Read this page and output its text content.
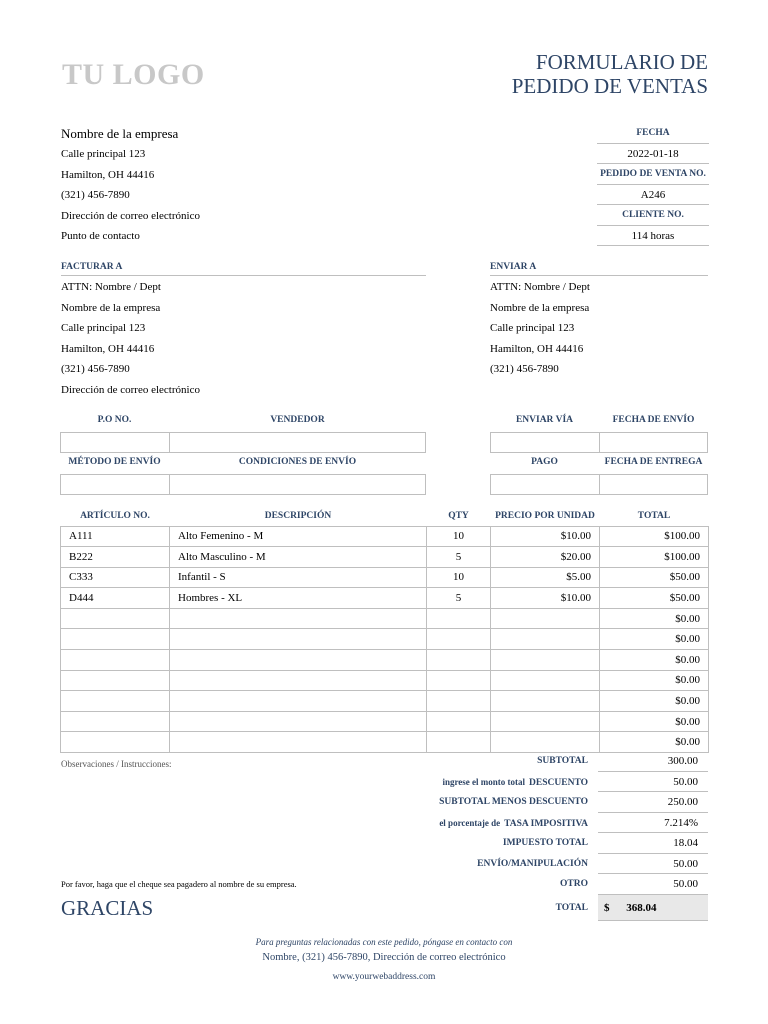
TU LOGO	FORMULARIO DE
PEDIDO DE VENTAS
Nombre de la empresa
Calle principal 123
Hamilton, OH 44416
(321) 456-7890
Dirección de correo electrónico
Punto de contacto
FECHA
2022-01-18
PEDIDO DE VENTA NO.
A246
CLIENTE NO.
114 horas
FACTURAR A
ATTN: Nombre / Dept
Nombre de la empresa
Calle principal 123
Hamilton, OH 44416
(321) 456-7890
Dirección de correo electrónico
ENVIAR A
ATTN: Nombre / Dept
Nombre de la empresa
Calle principal 123
Hamilton, OH 44416
(321) 456-7890
P.O NO.	VENDEDOR	ENVIAR VÍA	FECHA DE ENVÍO
MÉTODO DE ENVÍO	CONDICIONES DE ENVÍO	PAGO	FECHA DE ENTREGA
ARTÍCULO NO.	DESCRIPCIÓN	QTY	PRECIO POR UNIDAD	TOTAL
A111	Alto Femenino - M	10	$10.00	$100.00
B222	Alto Masculino - M	5	$20.00	$100.00
C333	Infantil - S	10	$5.00	$50.00
D444	Hombres - XL	5	$10.00	$50.00
				$0.00
				$0.00
				$0.00
				$0.00
				$0.00
				$0.00
				$0.00
Observaciones / Instrucciones:	SUBTOTAL	300.00
ingrese el monto total DESCUENTO	50.00
SUBTOTAL MENOS DESCUENTO	250.00
el porcentaje de TASA IMPOSITIVA	7.214%
IMPUESTO TOTAL	18.04
ENVÍO/MANIPULACIÓN	50.00
OTRO	50.00
TOTAL	$ 368.04
Por favor, haga que el cheque sea pagadero al nombre de su empresa.
GRACIAS
Para preguntas relacionadas con este pedido, póngase en contacto con
Nombre, (321) 456-7890, Dirección de correo electrónico
www.yourwebaddress.com
